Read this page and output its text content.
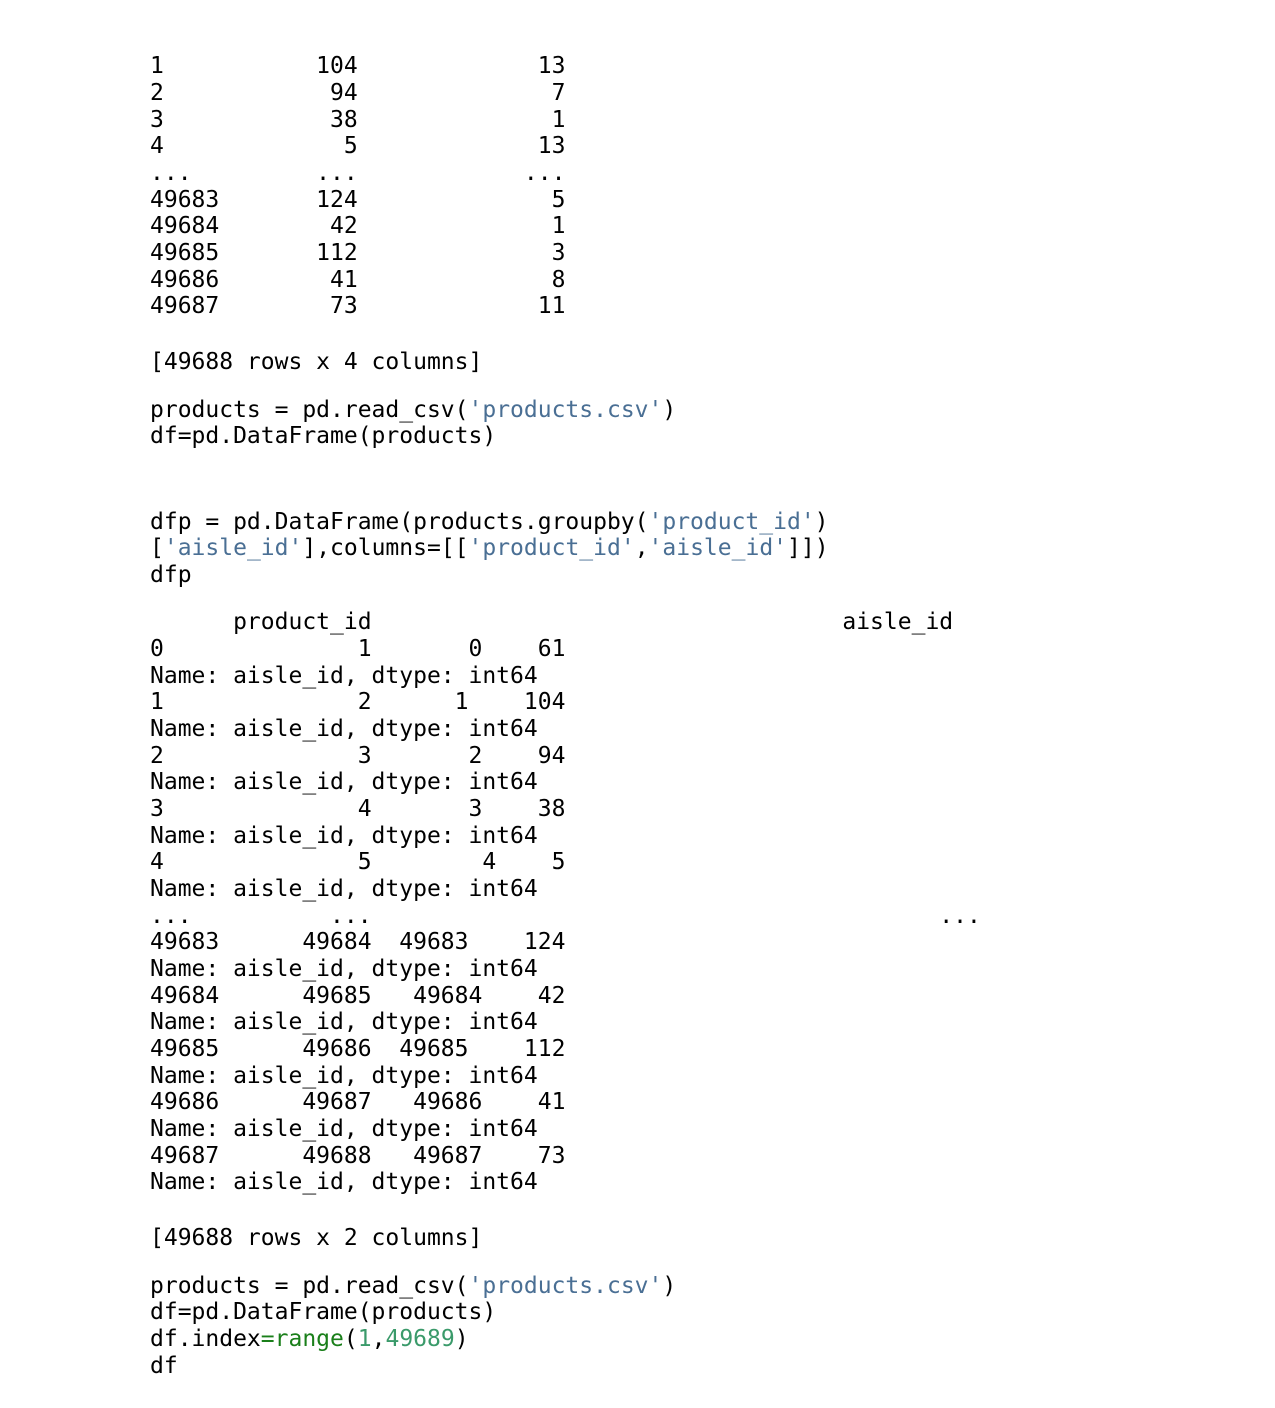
1           104             13
2            94              7
3            38              1
4             5             13
...         ...            ...
49683       124              5
49684        42              1
49685       112              3
49686        41              8
49687        73             11
[49688 rows x 4 columns]
products = pd.read_csv('products.csv')
df=pd.DataFrame(products)
dfp = pd.DataFrame(products.groupby('product_id')
['aisle_id'],columns=[['product_id','aisle_id']])
dfp
product_id                                  aisle_id
0              1       0    61
Name: aisle_id, dtype: int64
1              2      1    104
Name: aisle_id, dtype: int64
2              3       2    94
Name: aisle_id, dtype: int64
3              4       3    38
Name: aisle_id, dtype: int64
4              5        4    5
Name: aisle_id, dtype: int64
...          ...                                         ...
49683      49684  49683    124
Name: aisle_id, dtype: int64
49684      49685   49684    42
Name: aisle_id, dtype: int64
49685      49686  49685    112
Name: aisle_id, dtype: int64
49686      49687   49686    41
Name: aisle_id, dtype: int64
49687      49688   49687    73
Name: aisle_id, dtype: int64
[49688 rows x 2 columns]
products = pd.read_csv('products.csv')
df=pd.DataFrame(products)
df.index=range(1,49689)
df
